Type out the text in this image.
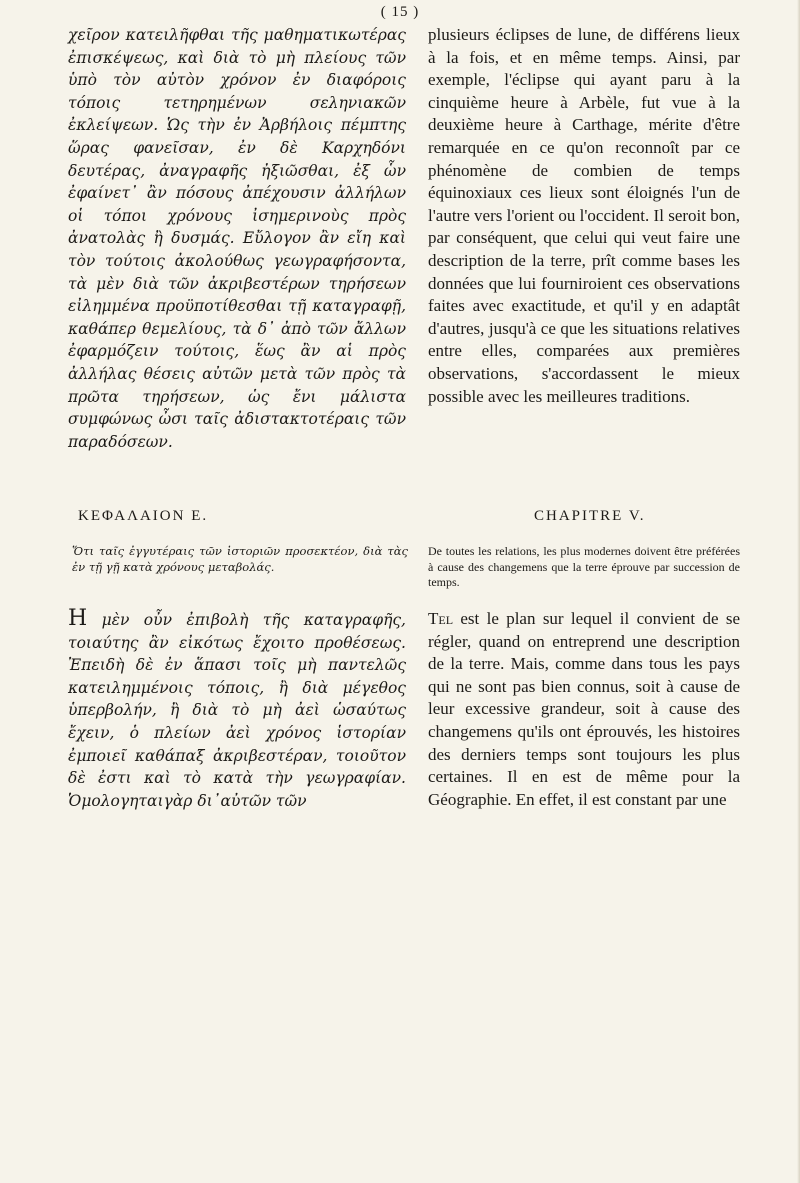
( 15 )

χεῖρον κατειλῆφθαι τῆς μαθηματικωτέρας ἐπισκέψεως, καὶ διὰ τὸ μὴ πλείους τῶν ὑπὸ τὸν αὐτὸν χρόνον ἐν διαφόροις τόποις τετηρημένων σεληνιακῶν ἐκλείψεων. Ὡς τὴν ἐν Ἀρβήλοις πέμπτης ὥρας φανεῖσαν, ἐν δὲ Καρχηδόνι δευτέρας, ἀναγραφῆς ἠξιῶσθαι, ἐξ ὧν ἐφαίνετ᾽ ἂν πόσους ἀπέχουσιν ἀλλήλων οἱ τόποι χρόνους ἰσημερινοὺς πρὸς ἀνατολὰς ἢ δυσμάς. Εὔλογον ἂν εἴη καὶ τὸν τούτοις ἀκολούθως γεωγραφήσοντα, τὰ μὲν διὰ τῶν ἀκριβεστέρων τηρήσεων εἰλημμένα προϋποτίθεσθαι τῇ καταγραφῇ, καθάπερ θεμελίους, τὰ δ᾽ ἀπὸ τῶν ἄλλων ἐφαρμόζειν τούτοις, ἕως ἂν αἱ πρὸς ἀλλήλας θέσεις αὐτῶν μετὰ τῶν πρὸς τὰ πρῶτα τηρήσεων, ὡς ἔνι μάλιστα συμφώνως ὦσι ταῖς ἀδιστακτοτέραις τῶν παραδόσεων.

plusieurs éclipses de lune, de différens lieux à la fois, et en même temps. Ainsi, par exemple, l'éclipse qui ayant paru à la cinquième heure à Arbèle, fut vue à la deuxième heure à Carthage, mérite d'être remarquée en ce qu'on reconnoît par ce phénomène de combien de temps équinoxiaux ces lieux sont éloignés l'un de l'autre vers l'orient ou l'occident. Il seroit bon, par conséquent, que celui qui veut faire une description de la terre, prît comme bases les données que lui fourniroient ces observations faites avec exactitude, et qu'il y en adaptât d'autres, jusqu'à ce que les situations relatives entre elles, comparées aux premières observations, s'accordassent le mieux possible avec les meilleures traditions.

ΚΕΦΑΛΑΙΟΝ Ε.	CHAPITRE V.
Ὅτι ταῖς ἐγγυτέραις τῶν ἱστοριῶν προσεκτέον, διὰ τὰς ἐν τῇ γῇ κατὰ χρόνους μεταβολάς.
De toutes les relations, les plus modernes doivent être préférées à cause des changemens que la terre éprouve par succession de temps.

Η μὲν οὖν ἐπιβολὴ τῆς καταγραφῆς, τοιαύτης ἂν εἰκότως ἔχοιτο προθέσεως. Ἐπειδὴ δὲ ἐν ἅπασι τοῖς μὴ παντελῶς κατειλημμένοις τόποις, ἢ διὰ μέγεθος ὑπερβολήν, ἢ διὰ τὸ μὴ ἀεὶ ὡσαύτως ἔχειν, ὁ πλείων ἀεὶ χρόνος ἱστορίαν ἐμποιεῖ καθάπαξ ἀκριβεστέραν, τοιοῦτον δὲ ἐστι καὶ τὸ κατὰ τὴν γεωγραφίαν. Ὁμολογηταιγὰρ δι᾽αὐτῶν τῶν

Tel est le plan sur lequel il convient de se régler, quand on entreprend une description de la terre. Mais, comme dans tous les pays qui ne sont pas bien connus, soit à cause de leur excessive grandeur, soit à cause des changemens qu'ils ont éprouvés, les histoires des derniers temps sont toujours les plus certaines. Il en est de même pour la Géographie. En effet, il est constant par une
